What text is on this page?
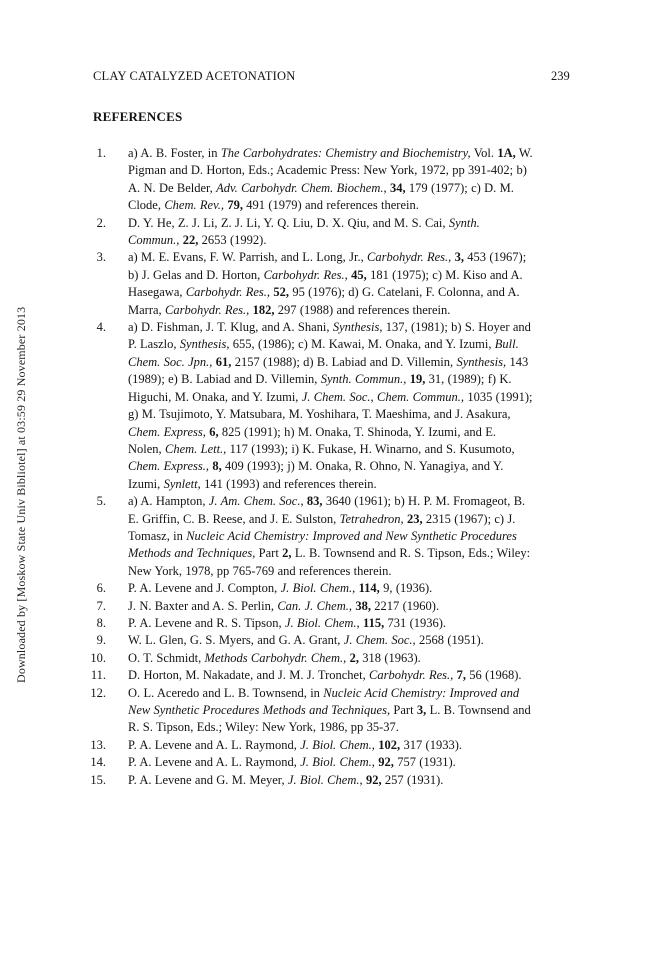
CLAY CATALYZED ACETONATION	239
REFERENCES
Downloaded by [Moskow State Univ Bibliotel] at 03:59 29 November 2013
1. a) A. B. Foster, in The Carbohydrates: Chemistry and Biochemistry, Vol. 1A, W.
Pigman and D. Horton, Eds.; Academic Press: New York, 1972, pp 391-402; b)
A. N. De Belder, Adv. Carbohydr. Chem. Biochem., 34, 179 (1977); c) D. M.
Clode, Chem. Rev., 79, 491 (1979) and references therein.
2. D. Y. He, Z. J. Li, Z. J. Li, Y. Q. Liu, D. X. Qiu, and M. S. Cai, Synth.
Commun., 22, 2653 (1992).
3. a) M. E. Evans, F. W. Parrish, and L. Long, Jr., Carbohydr. Res., 3, 453 (1967);
b) J. Gelas and D. Horton, Carbohydr. Res., 45, 181 (1975); c) M. Kiso and A.
Hasegawa, Carbohydr. Res., 52, 95 (1976); d) G. Catelani, F. Colonna, and A.
Marra, Carbohydr. Res., 182, 297 (1988) and references therein.
4. a) D. Fishman, J. T. Klug, and A. Shani, Synthesis, 137, (1981); b) S. Hoyer and
P. Laszlo, Synthesis, 655, (1986); c) M. Kawai, M. Onaka, and Y. Izumi, Bull.
Chem. Soc. Jpn., 61, 2157 (1988); d) B. Labiad and D. Villemin, Synthesis, 143
(1989); e) B. Labiad and D. Villemin, Synth. Commun., 19, 31, (1989); f) K.
Higuchi, M. Onaka, and Y. Izumi, J. Chem. Soc., Chem. Commun., 1035 (1991);
g) M. Tsujimoto, Y. Matsubara, M. Yoshihara, T. Maeshima, and J. Asakura,
Chem. Express, 6, 825 (1991); h) M. Onaka, T. Shinoda, Y. Izumi, and E.
Nolen, Chem. Lett., 117 (1993); i) K. Fukase, H. Winarno, and S. Kusumoto,
Chem. Express., 8, 409 (1993); j) M. Onaka, R. Ohno, N. Yanagiya, and Y.
Izumi, Synlett, 141 (1993) and references therein.
5. a) A. Hampton, J. Am. Chem. Soc., 83, 3640 (1961); b) H. P. M. Fromageot, B.
E. Griffin, C. B. Reese, and J. E. Sulston, Tetrahedron, 23, 2315 (1967); c) J.
Tomasz, in Nucleic Acid Chemistry: Improved and New Synthetic Procedures
Methods and Techniques, Part 2, L. B. Townsend and R. S. Tipson, Eds.; Wiley:
New York, 1978, pp 765-769 and references therein.
6. P. A. Levene and J. Compton, J. Biol. Chem., 114, 9, (1936).
7. J. N. Baxter and A. S. Perlin, Can. J. Chem., 38, 2217 (1960).
8. P. A. Levene and R. S. Tipson, J. Biol. Chem., 115, 731 (1936).
9. W. L. Glen, G. S. Myers, and G. A. Grant, J. Chem. Soc., 2568 (1951).
10. O. T. Schmidt, Methods Carbohydr. Chem., 2, 318 (1963).
11. D. Horton, M. Nakadate, and J. M. J. Tronchet, Carbohydr. Res., 7, 56 (1968).
12. O. L. Aceredo and L. B. Townsend, in Nucleic Acid Chemistry: Improved and
New Synthetic Procedures Methods and Techniques, Part 3, L. B. Townsend and
R. S. Tipson, Eds.; Wiley: New York, 1986, pp 35-37.
13. P. A. Levene and A. L. Raymond, J. Biol. Chem., 102, 317 (1933).
14. P. A. Levene and A. L. Raymond, J. Biol. Chem., 92, 757 (1931).
15. P. A. Levene and G. M. Meyer, J. Biol. Chem., 92, 257 (1931).
